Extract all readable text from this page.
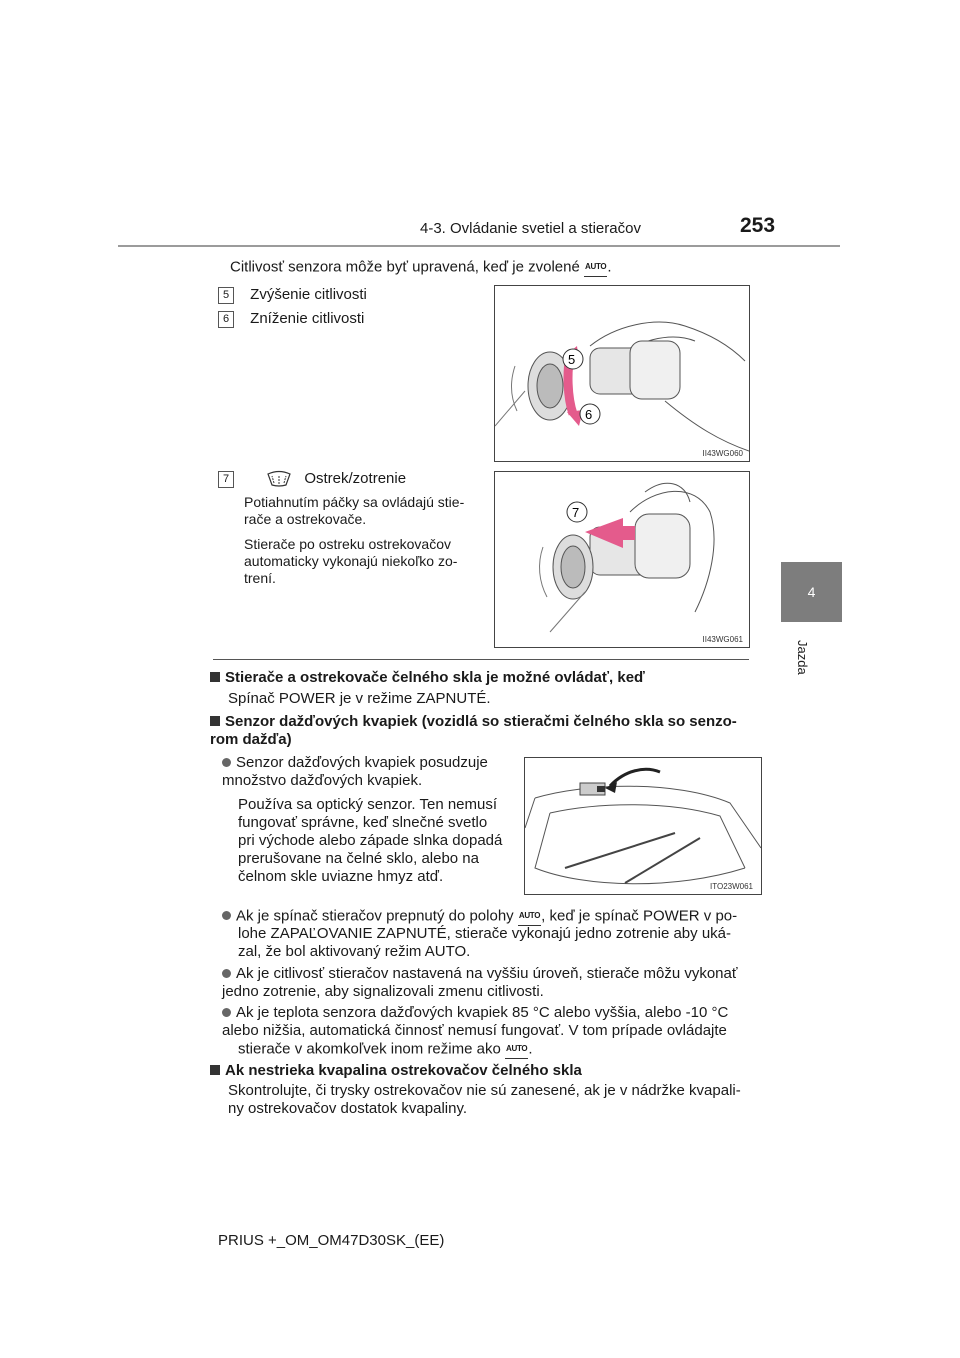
4-3. Ovládanie svetiel a stieračov	253
4
Jazda
Citlivosť senzora môže byť upravená, keď je zvolené AUTO.
5 Zvýšenie citlivosti
6 Zníženie citlivosti
5
6
II43WG060
7	Ostrek/zotrenie
Potiahnutím páčky sa ovládajú stie-
rače a ostrekovače.
Stierače po ostreku ostrekovačov
automaticky vykonajú niekoľko zo-
trení.
7
II43WG061
Stierače a ostrekovače čelného skla je možné ovládať, keď
Spínač POWER je v režime ZAPNUTÉ.
Senzor dažďových kvapiek (vozidlá so stieračmi čelného skla so senzo-
rom dažďa)
Senzor dažďových kvapiek posudzuje
množstvo dažďových kvapiek.
Používa sa optický senzor. Ten nemusí
fungovať správne, keď slnečné svetlo
pri východe alebo západe slnka dopadá
prerušovane na čelné sklo, alebo na
čelnom skle uviazne hmyz atď.
ITO23W061
Ak je spínač stieračov prepnutý do polohy AUTO, keď je spínač POWER v po-
lohe ZAPAĽOVANIE ZAPNUTÉ, stierače vykonajú jedno zotrenie aby uká-
zal, že bol aktivovaný režim AUTO.
Ak je citlivosť stieračov nastavená na vyššiu úroveň, stierače môžu vykonať
jedno zotrenie, aby signalizovali zmenu citlivosti.
Ak je teplota senzora dažďových kvapiek 85 °C alebo vyššia, alebo -10 °C
alebo nižšia, automatická činnosť nemusí fungovať. V tom prípade ovládajte
stierače v akomkoľvek inom režime ako AUTO.
Ak nestrieka kvapalina ostrekovačov čelného skla
Skontrolujte, či trysky ostrekovačov nie sú zanesené, ak je v nádržke kvapali-
ny ostrekovačov dostatok kvapaliny.
PRIUS +_OM_OM47D30SK_(EE)
